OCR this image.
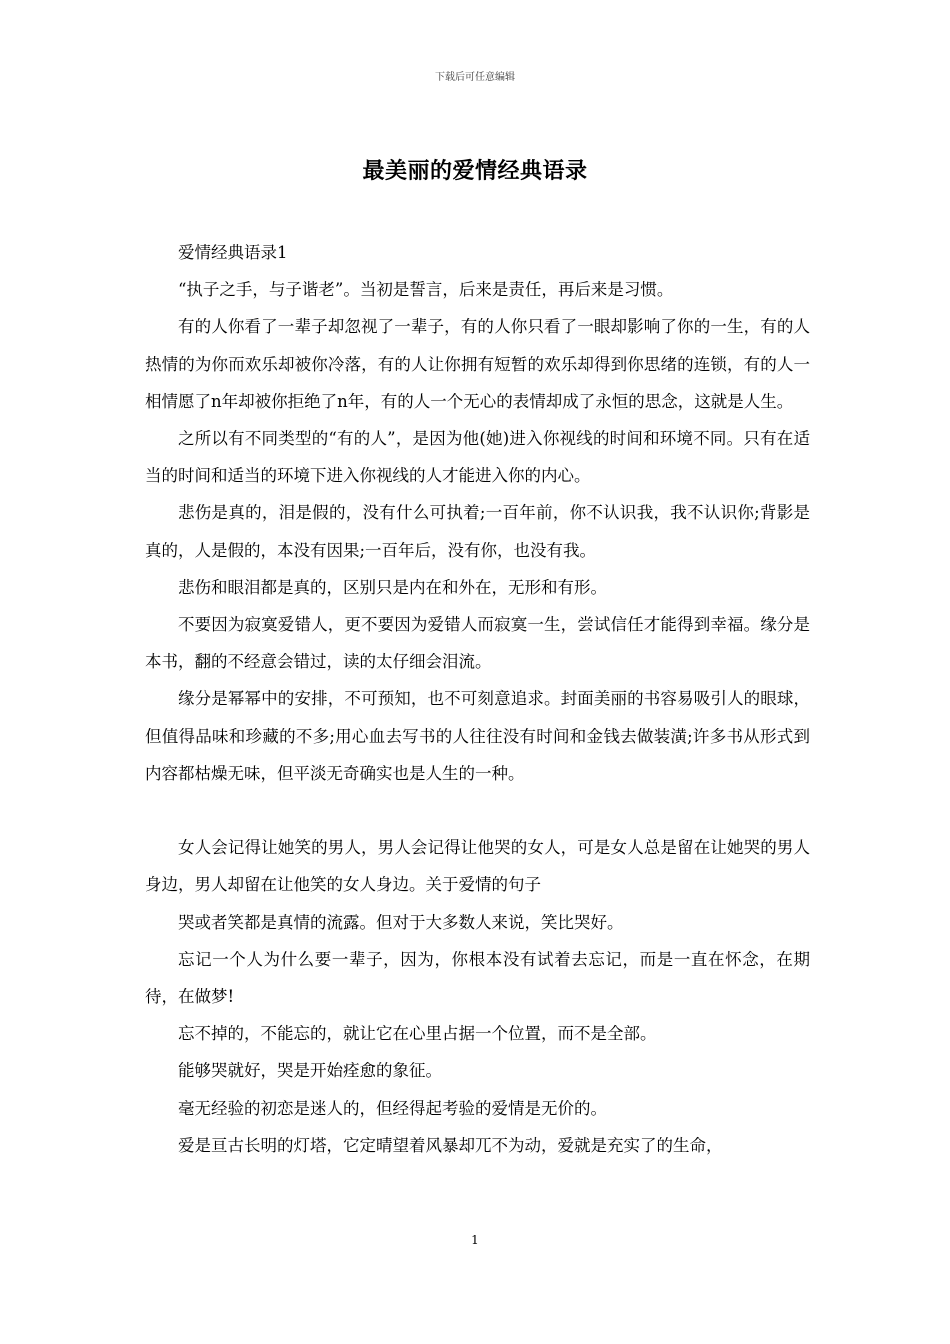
下载后可任意编辑
最美丽的爱情经典语录

爱情经典语录1

“执子之手，与子谐老”。当初是誓言，后来是责任，再后来是习惯。

有的人你看了一辈子却忽视了一辈子，有的人你只看了一眼却影响了你的一生，有的人热情的为你而欢乐却被你冷落，有的人让你拥有短暂的欢乐却得到你思绪的连锁，有的人一相情愿了n年却被你拒绝了n年，有的人一个无心的表情却成了永恒的思念，这就是人生。

之所以有不同类型的“有的人”，是因为他(她)进入你视线的时间和环境不同。只有在适当的时间和适当的环境下进入你视线的人才能进入你的内心。

悲伤是真的，泪是假的，没有什么可执着;一百年前，你不认识我，我不认识你;背影是真的，人是假的，本没有因果;一百年后，没有你，也没有我。

悲伤和眼泪都是真的，区别只是内在和外在，无形和有形。

不要因为寂寞爱错人，更不要因为爱错人而寂寞一生，尝试信任才能得到幸福。缘分是本书，翻的不经意会错过，读的太仔细会泪流。

缘分是幂幂中的安排，不可预知，也不可刻意追求。封面美丽的书容易吸引人的眼球，但值得品味和珍藏的不多;用心血去写书的人往往没有时间和金钱去做装潢;许多书从形式到内容都枯燥无味，但平淡无奇确实也是人生的一种。

女人会记得让她笑的男人，男人会记得让他哭的女人，可是女人总是留在让她哭的男人身边，男人却留在让他笑的女人身边。关于爱情的句子

哭或者笑都是真情的流露。但对于大多数人来说，笑比哭好。

忘记一个人为什么要一辈子，因为，你根本没有试着去忘记，而是一直在怀念，在期待，在做梦!

忘不掉的，不能忘的，就让它在心里占据一个位置，而不是全部。

能够哭就好，哭是开始痊愈的象征。

毫无经验的初恋是迷人的，但经得起考验的爱情是无价的。

爱是亘古长明的灯塔，它定晴望着风暴却兀不为动，爱就是充实了的生命，

1
